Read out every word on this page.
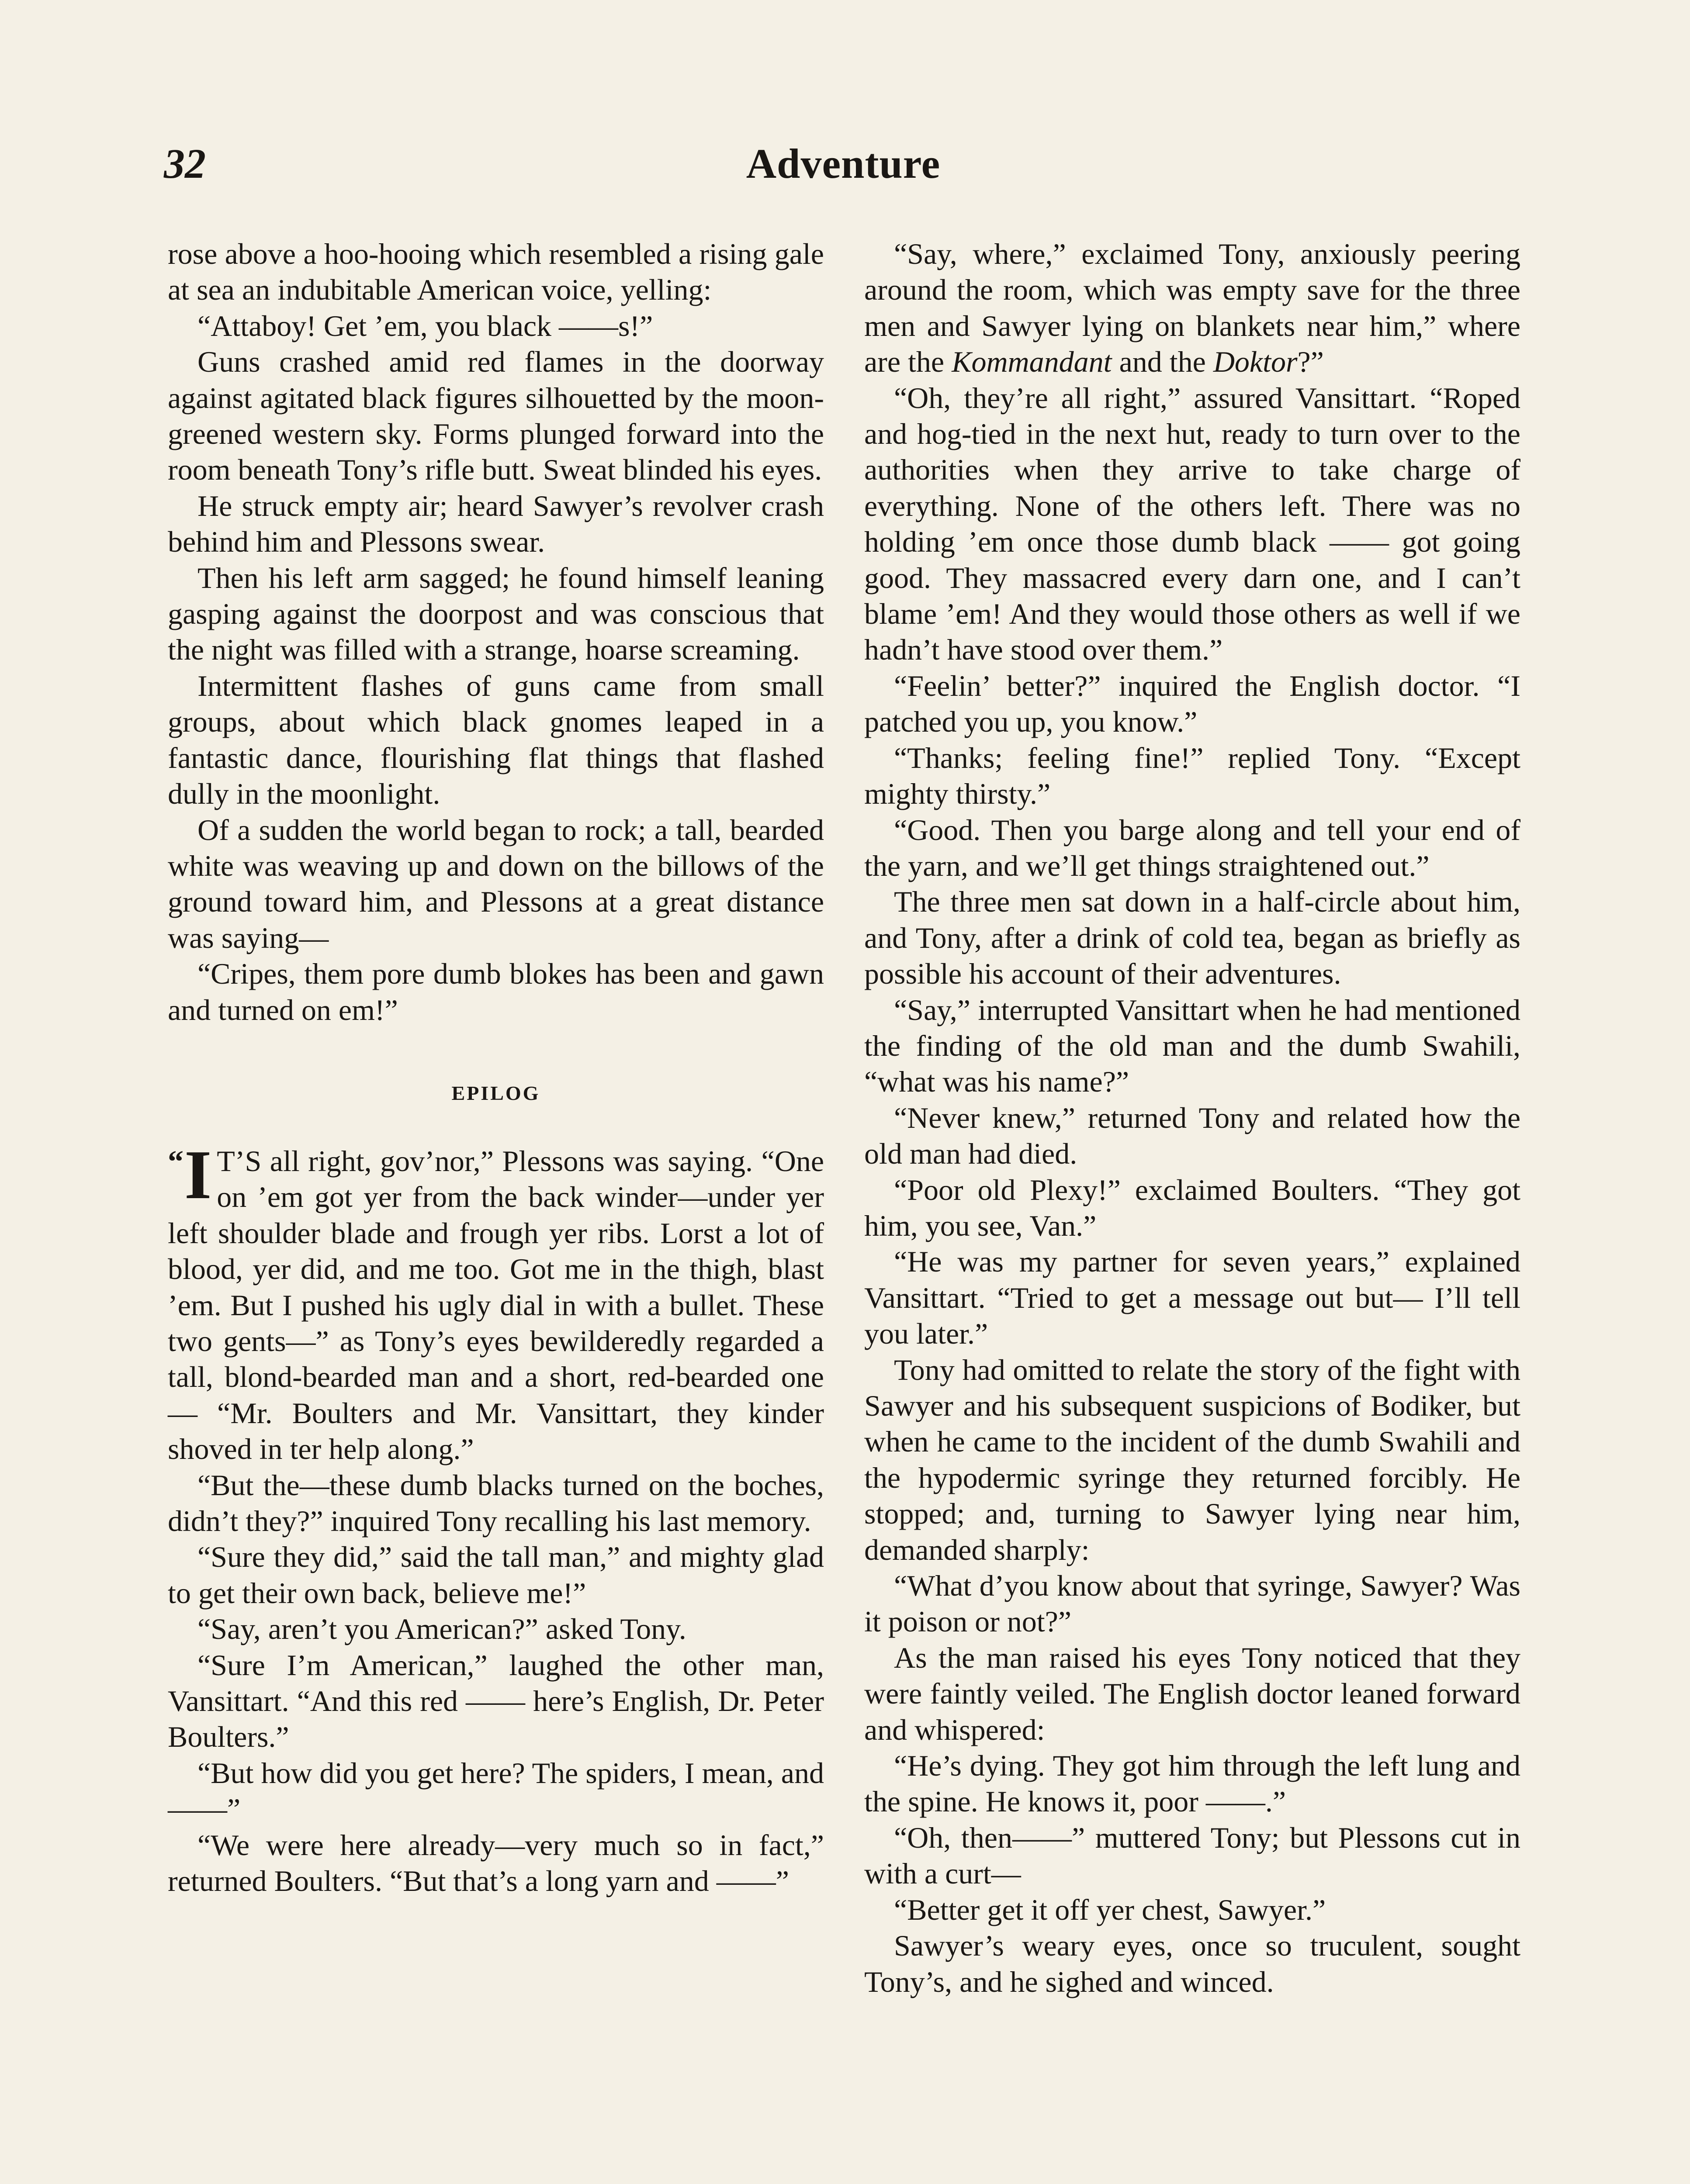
32	Adventure

rose above a hoo-hooing which resembled a rising gale at sea an indubitable American voice, yelling:

“Attaboy! Get ’em, you black ——s!”

Guns crashed amid red flames in the doorway against agitated black figures silhouetted by the moon-greened western sky. Forms plunged forward into the room beneath Tony’s rifle butt. Sweat blinded his eyes.

He struck empty air; heard Sawyer’s revolver crash behind him and Plessons swear.

Then his left arm sagged; he found himself leaning gasping against the doorpost and was conscious that the night was filled with a strange, hoarse screaming.

Intermittent flashes of guns came from small groups, about which black gnomes leaped in a fantastic dance, flourishing flat things that flashed dully in the moonlight.

Of a sudden the world began to rock; a tall, bearded white was weaving up and down on the billows of the ground toward him, and Plessons at a great distance was saying—

“Cripes, them pore dumb blokes has been and gawn and turned on em!”

EPILOG

“ I T’S all right, gov’nor,” Plessons was saying. “One on ’em got yer from the back winder—under yer left shoulder blade and frough yer ribs. Lorst a lot of blood, yer did, and me too. Got me in the thigh, blast ’em. But I pushed his ugly dial in with a bullet. These two gents—” as Tony’s eyes bewilderedly regarded a tall, blond-bearded man and a short, red-bearded one— “Mr. Boulters and Mr. Vansittart, they kinder shoved in ter help along.”

“But the—these dumb blacks turned on the boches, didn’t they?” inquired Tony recalling his last memory.

“Sure they did,” said the tall man,” and mighty glad to get their own back, believe me!”

“Say, aren’t you American?” asked Tony.

“Sure I’m American,” laughed the other man, Vansittart. “And this red —— here’s English, Dr. Peter Boulters.”

“But how did you get here? The spiders, I mean, and——”

“We were here already—very much so in fact,” returned Boulters. “But that’s a long yarn and ——”

“Say, where,” exclaimed Tony, anxiously peering around the room, which was empty save for the three men and Sawyer lying on blankets near him,” where are the Kommandant and the Doktor?”

“Oh, they’re all right,” assured Vansittart. “Roped and hog-tied in the next hut, ready to turn over to the authorities when they arrive to take charge of everything. None of the others left. There was no holding ’em once those dumb black —— got going good. They massacred every darn one, and I can’t blame ’em! And they would those others as well if we hadn’t have stood over them.”

“Feelin’ better?” inquired the English doctor. “I patched you up, you know.”

“Thanks; feeling fine!” replied Tony. “Except mighty thirsty.”

“Good. Then you barge along and tell your end of the yarn, and we’ll get things straightened out.”

The three men sat down in a half-circle about him, and Tony, after a drink of cold tea, began as briefly as possible his account of their adventures.

“Say,” interrupted Vansittart when he had mentioned the finding of the old man and the dumb Swahili, “what was his name?”

“Never knew,” returned Tony and related how the old man had died.

“Poor old Plexy!” exclaimed Boulters. “They got him, you see, Van.”

“He was my partner for seven years,” explained Vansittart. “Tried to get a message out but— I’ll tell you later.”

Tony had omitted to relate the story of the fight with Sawyer and his subsequent suspicions of Bodiker, but when he came to the incident of the dumb Swahili and the hypodermic syringe they returned forcibly. He stopped; and, turning to Sawyer lying near him, demanded sharply:

“What d’you know about that syringe, Sawyer? Was it poison or not?”

As the man raised his eyes Tony noticed that they were faintly veiled. The English doctor leaned forward and whispered:

“He’s dying. They got him through the left lung and the spine. He knows it, poor ——.”

“Oh, then——” muttered Tony; but Plessons cut in with a curt—

“Better get it off yer chest, Sawyer.”

Sawyer’s weary eyes, once so truculent, sought Tony’s, and he sighed and winced.
